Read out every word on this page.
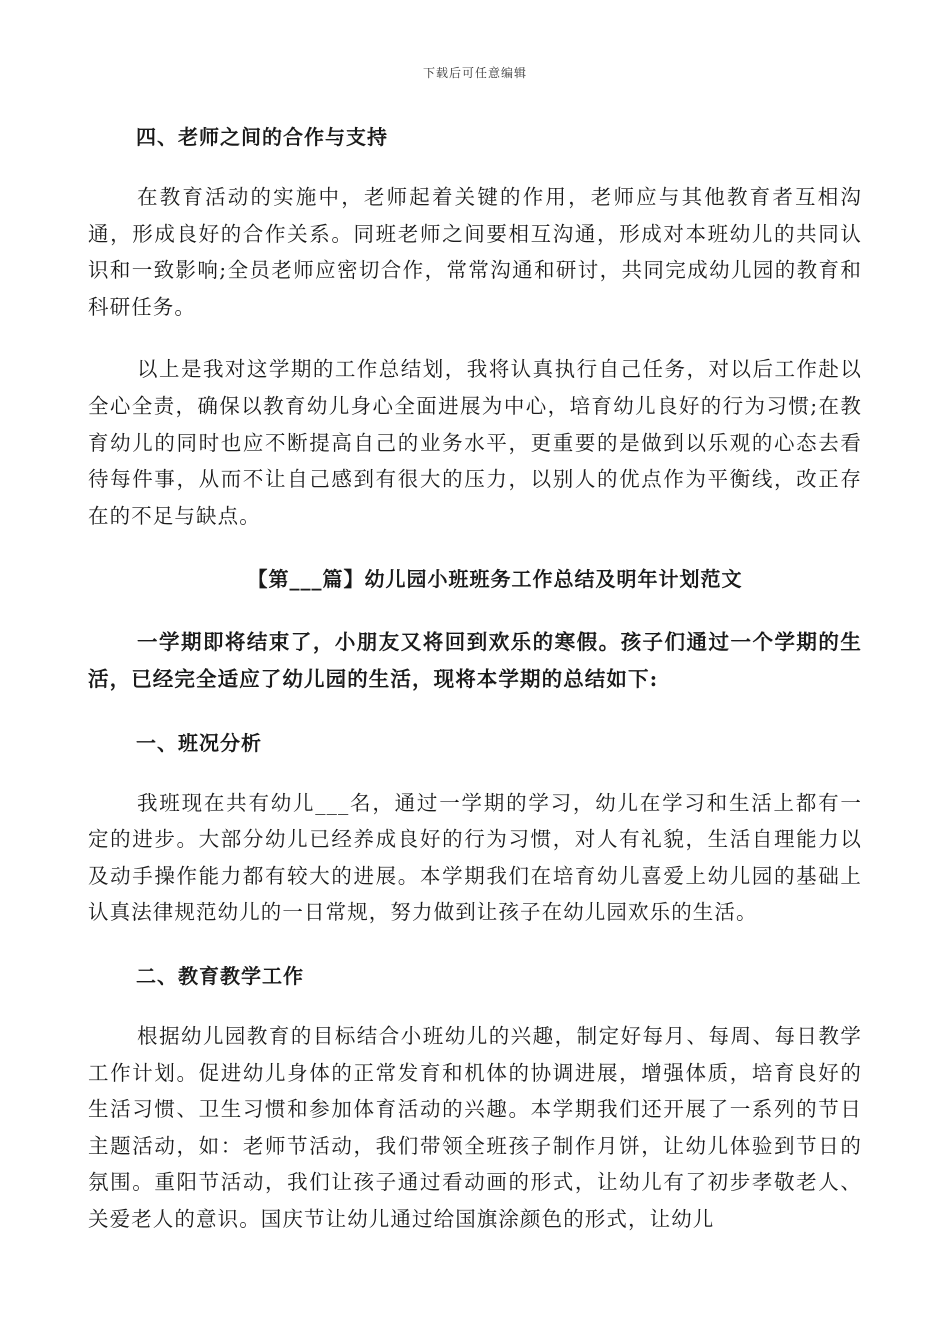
下载后可任意编辑
四、老师之间的合作与支持

在教育活动的实施中，老师起着关键的作用，老师应与其他教育者互相沟通，形成良好的合作关系。同班老师之间要相互沟通，形成对本班幼儿的共同认识和一致影响;全员老师应密切合作，常常沟通和研讨，共同完成幼儿园的教育和科研任务。

以上是我对这学期的工作总结划，我将认真执行自己任务，对以后工作赴以全心全责，确保以教育幼儿身心全面进展为中心，培育幼儿良好的行为习惯;在教育幼儿的同时也应不断提高自己的业务水平，更重要的是做到以乐观的心态去看待每件事，从而不让自己感到有很大的压力，以别人的优点作为平衡线，改正存在的不足与缺点。

【第___篇】幼儿园小班班务工作总结及明年计划范文

一学期即将结束了，小朋友又将回到欢乐的寒假。孩子们通过一个学期的生活，已经完全适应了幼儿园的生活，现将本学期的总结如下:

一、班况分析

我班现在共有幼儿___名，通过一学期的学习，幼儿在学习和生活上都有一定的进步。大部分幼儿已经养成良好的行为习惯，对人有礼貌，生活自理能力以及动手操作能力都有较大的进展。本学期我们在培育幼儿喜爱上幼儿园的基础上认真法律规范幼儿的一日常规，努力做到让孩子在幼儿园欢乐的生活。

二、教育教学工作

根据幼儿园教育的目标结合小班幼儿的兴趣，制定好每月、每周、每日教学工作计划。促进幼儿身体的正常发育和机体的协调进展，增强体质，培育良好的生活习惯、卫生习惯和参加体育活动的兴趣。本学期我们还开展了一系列的节日主题活动，如：老师节活动，我们带领全班孩子制作月饼，让幼儿体验到节日的氛围。重阳节活动，我们让孩子通过看动画的形式，让幼儿有了初步孝敬老人、关爱老人的意识。国庆节让幼儿通过给国旗涂颜色的形式，让幼儿
